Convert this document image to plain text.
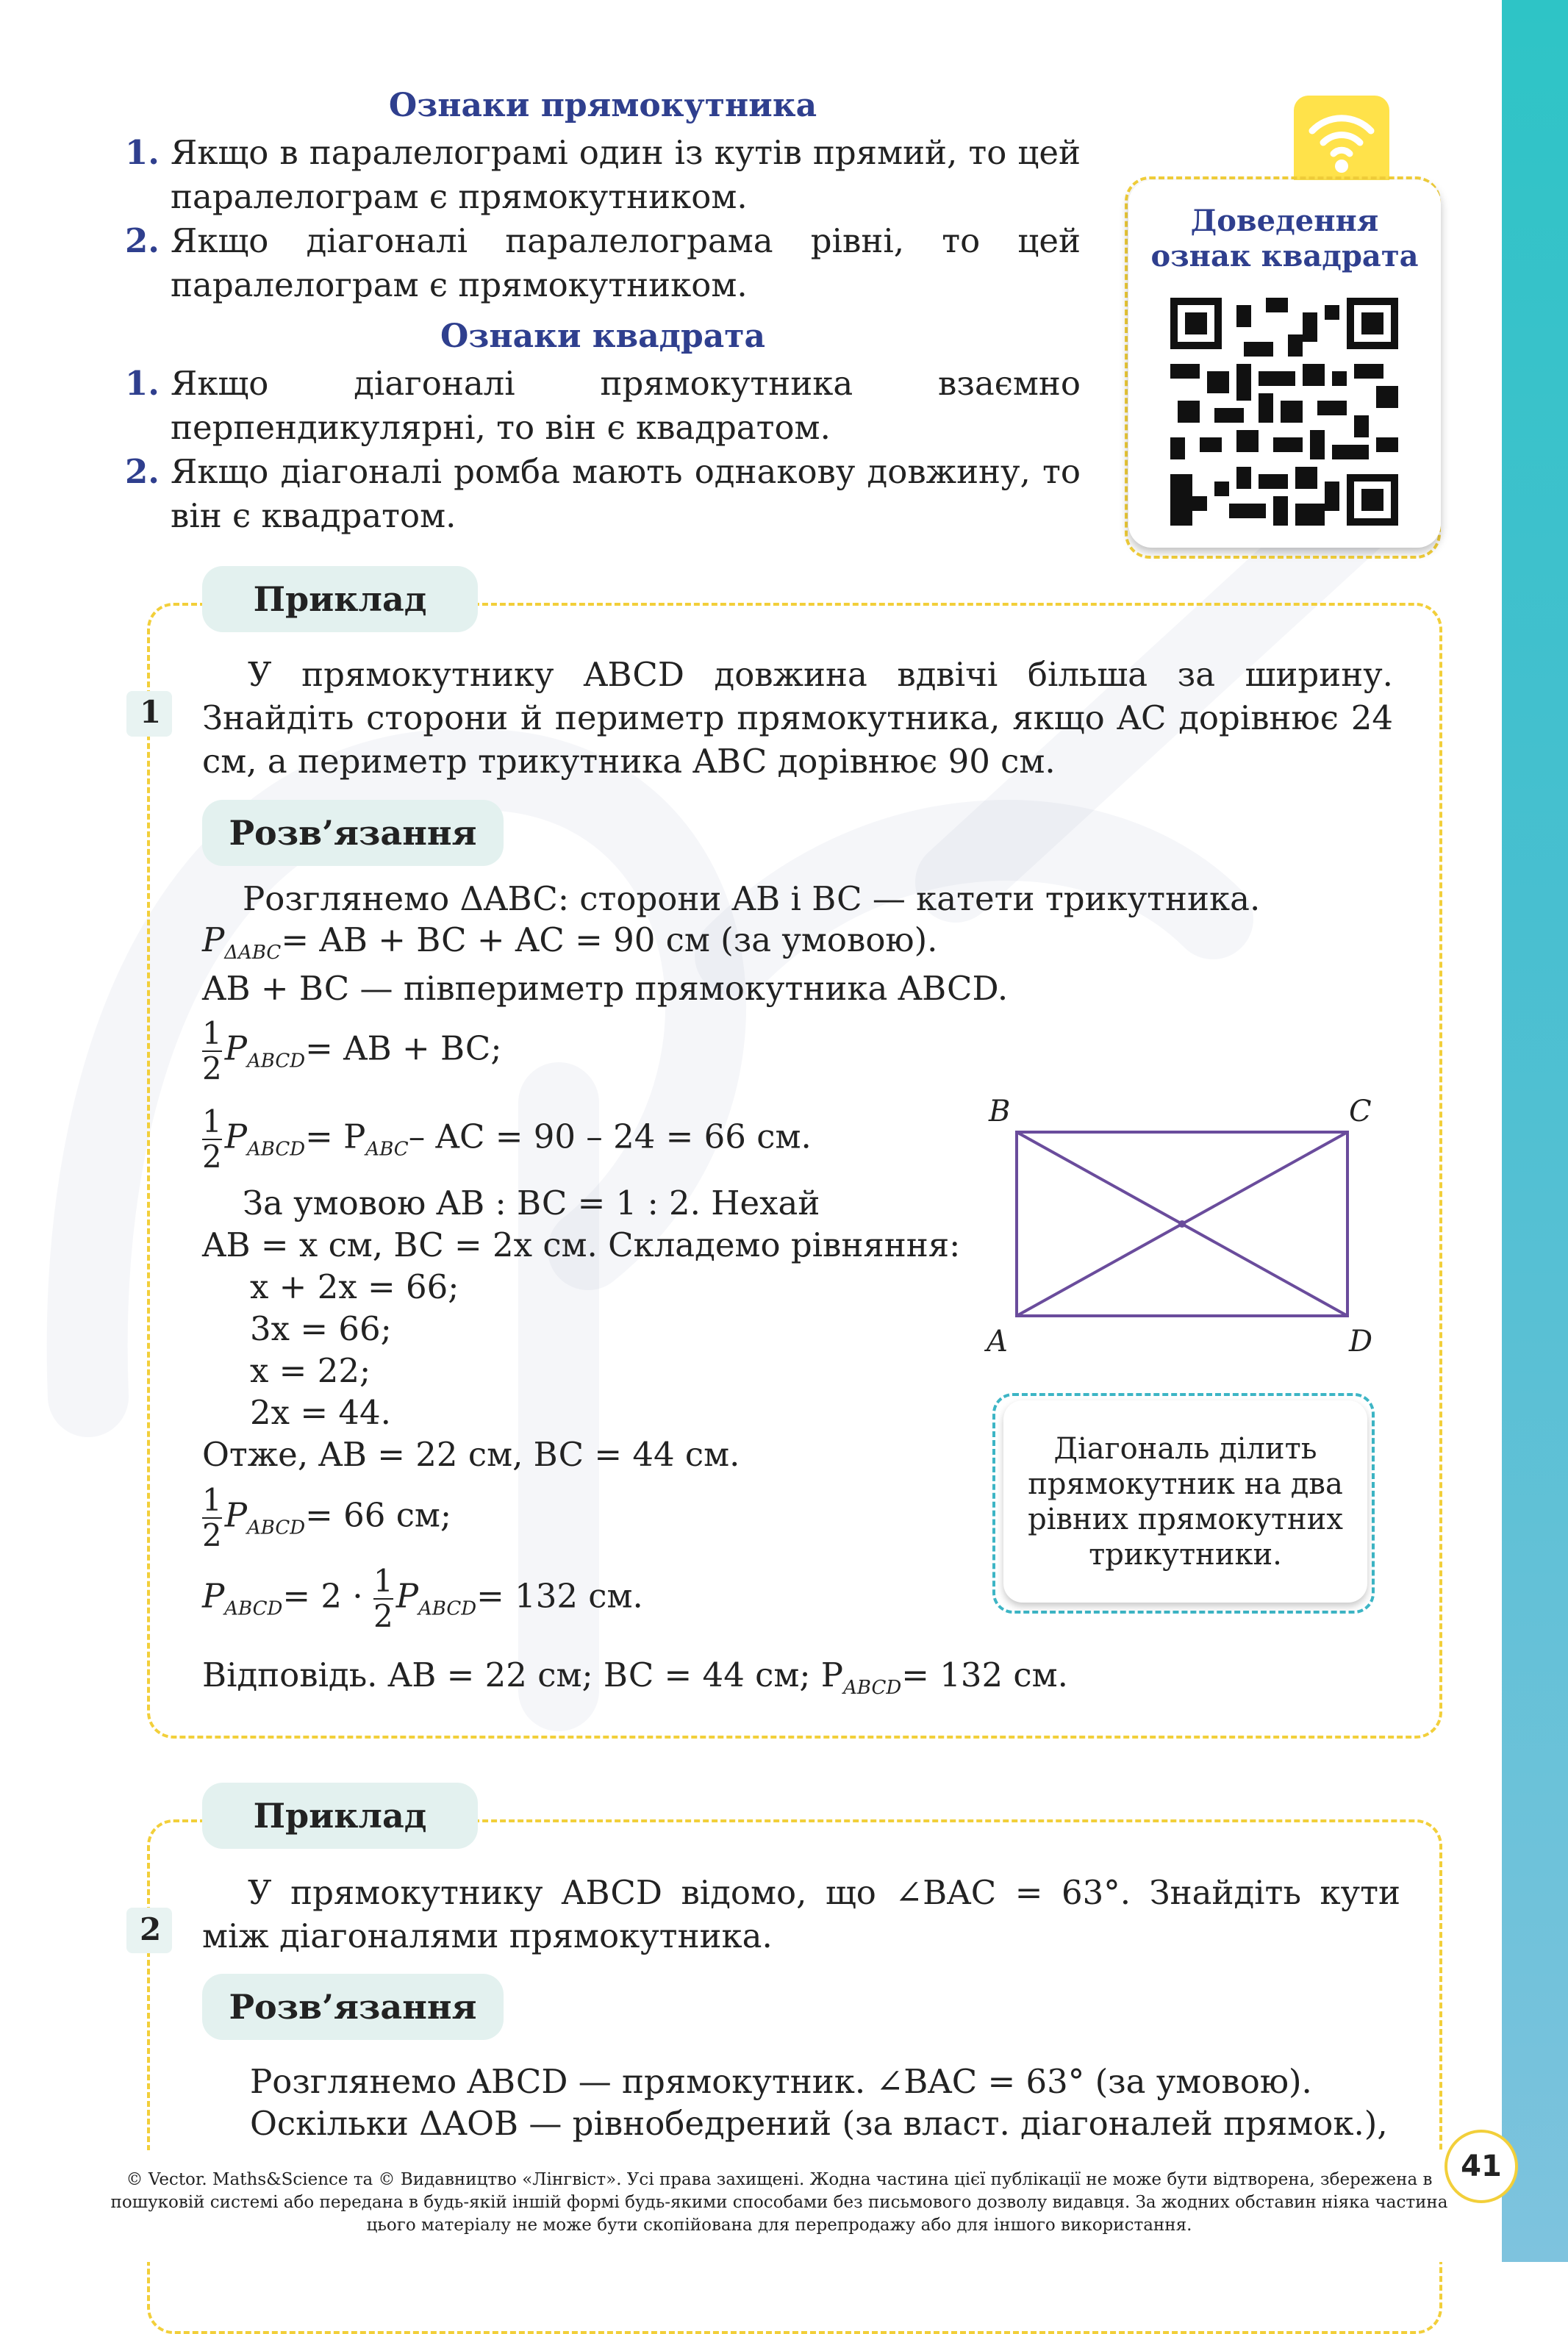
Ознаки прямокутника
1. Якщо в паралелограмі один із кутів прямий, то цей паралелограм є прямокутником.
2. Якщо діагоналі паралелограма рівні, то цей паралелограм є прямокутником.
Ознаки квадрата
1. Якщо діагоналі прямокутника взаємно перпендикулярні, то він є квадратом.
2. Якщо діагоналі ромба мають однакову довжину, то він є квадратом.
Доведення
ознак квадрата
Приклад
1
У прямокутнику ABCD довжина вдвічі більша за ширину. Знайдіть сторони й периметр прямокутника, якщо AC дорівнює 24 см, а периметр трикутника ABC дорівнює 90 см.
Розв’язання
Розглянемо ΔABC: сторони AB і BC — катети трикутника.
$P_{\Delta ABC}=$ AB + BC + AC = 90 см (за умовою).
AB + BC — півпериметр прямокутника ABCD.
$\frac{1}{2} P_{ABCD}=$ AB + BC;
$\frac{1}{2} P_{ABCD}= P_{ABC}-$ AC = 90 – 24 = 66 см.
За умовою AB : BC = 1 : 2. Нехай
AB = x см, BC = 2x см. Складемо рівняння:
x + 2x = 66;
3x = 66;
x = 22;
2x = 44.
Отже, AB = 22 см, BC = 44 см.
$\frac{1}{2} P_{ABCD}= 66$ см;
$P_{ABCD}= 2 \cdot \frac{1}{2} P_{ABCD}= 132$ см.
Відповідь. AB = 22 см; BC = 44 см; $P_{ABCD}= 132$ см.
B	C
A	D
Діагональ ділить прямокутник на два рівних прямокутних трикутники.
Приклад
2
У прямокутнику ABCD відомо, що ∠BAC = 63°. Знайдіть кути між діагоналями прямокутника.
Розв’язання
Розглянемо ABCD — прямокутник. ∠BAC = 63° (за умовою).
Оскільки ΔAOB — рівнобедрений (за власт. діагоналей прямок.),
41
© Vector. Maths&Science та © Видавництво «Лінгвіст». Усі права захищені. Жодна частина цієї публікації не може бути відтворена, збережена в пошуковій системі або передана в будь-якій іншій формі будь-якими способами без письмового дозволу видавця. За жодних обставин ніяка частина цього матеріалу не може бути скопійована для перепродажу або для іншого використання.
